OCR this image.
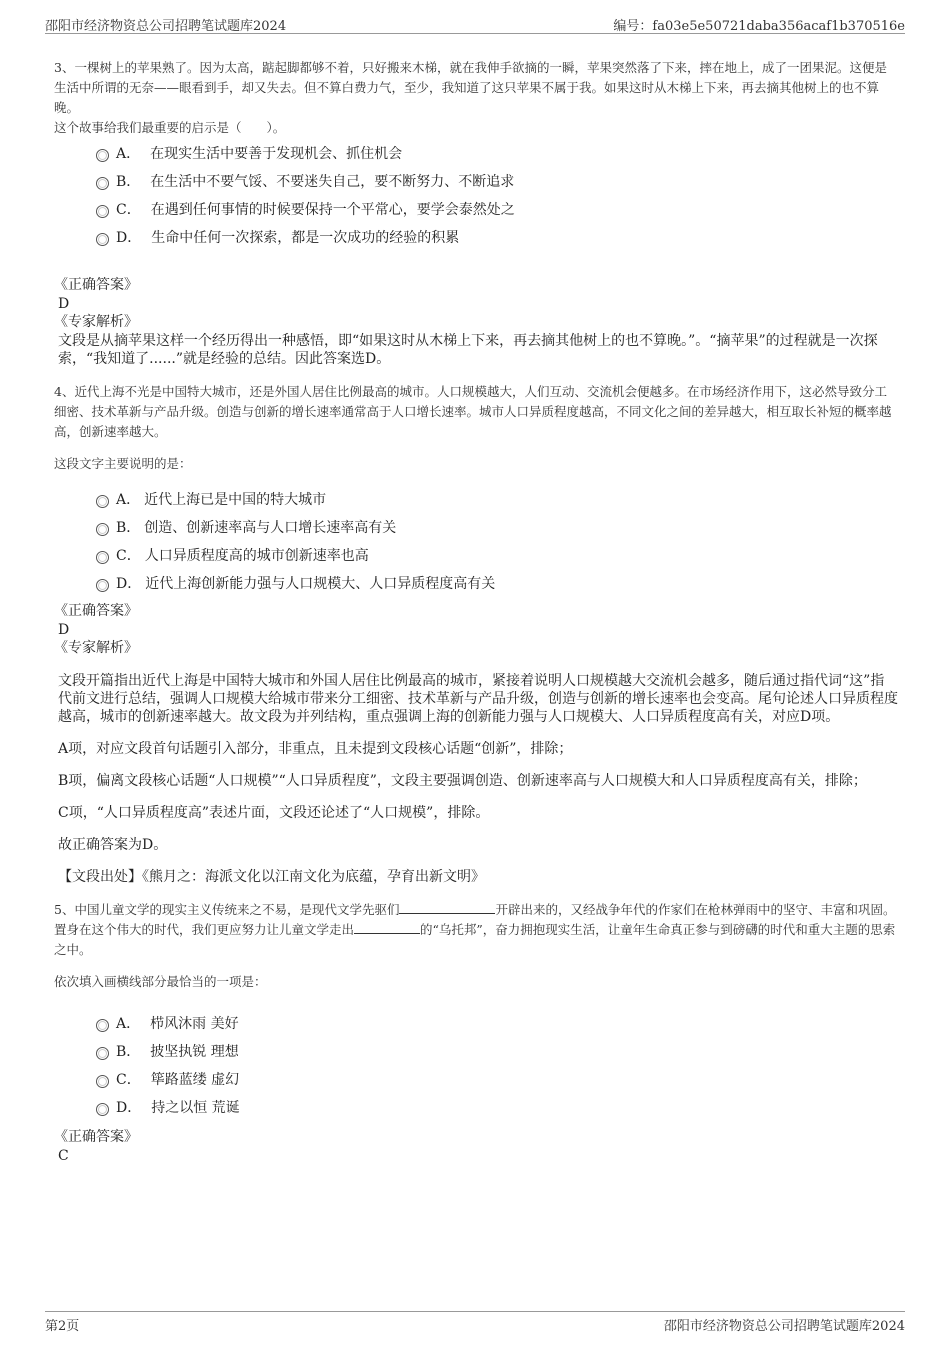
邵阳市经济物资总公司招聘笔试题库2024	编号：fa03e5e50721daba356acaf1b370516e

3、一棵树上的苹果熟了。因为太高，踮起脚都够不着，只好搬来木梯，就在我伸手欲摘的一瞬，苹果突然落了下来，摔在地上，成了一团果泥。这便是生活中所谓的无奈——眼看到手，却又失去。但不算白费力气，至少，我知道了这只苹果不属于我。如果这时从木梯上下来，再去摘其他树上的也不算晚。

这个故事给我们最重要的启示是（　　）。

A． 在现实生活中要善于发现机会、抓住机会
B． 在生活中不要气馁、不要迷失自己，要不断努力、不断追求
C． 在遇到任何事情的时候要保持一个平常心，要学会泰然处之
D． 生命中任何一次探索，都是一次成功的经验的积累

《正确答案》

D

《专家解析》

文段是从摘苹果这样一个经历得出一种感悟，即“如果这时从木梯上下来，再去摘其他树上的也不算晚。”。“摘苹果”的过程就是一次探索，“我知道了......”就是经验的总结。因此答案选D。

4、近代上海不光是中国特大城市，还是外国人居住比例最高的城市。人口规模越大，人们互动、交流机会便越多。在市场经济作用下，这必然导致分工细密、技术革新与产品升级。创造与创新的增长速率通常高于人口增长速率。城市人口异质程度越高，不同文化之间的差异越大，相互取长补短的概率越高，创新速率越大。

这段文字主要说明的是：

A． 近代上海已是中国的特大城市
B． 创造、创新速率高与人口增长速率高有关
C． 人口异质程度高的城市创新速率也高
D． 近代上海创新能力强与人口规模大、人口异质程度高有关

《正确答案》

D

《专家解析》

文段开篇指出近代上海是中国特大城市和外国人居住比例最高的城市，紧接着说明人口规模越大交流机会越多，随后通过指代词“这”指代前文进行总结，强调人口规模大给城市带来分工细密、技术革新与产品升级，创造与创新的增长速率也会变高。尾句论述人口异质程度越高，城市的创新速率越大。故文段为并列结构，重点强调上海的创新能力强与人口规模大、人口异质程度高有关，对应D项。

A项，对应文段首句话题引入部分，非重点，且未提到文段核心话题“创新”，排除；

B项，偏离文段核心话题“人口规模”“人口异质程度”，文段主要强调创造、创新速率高与人口规模大和人口异质程度高有关，排除；

C项，“人口异质程度高”表述片面，文段还论述了“人口规模”，排除。

故正确答案为D。

【文段出处】《熊月之：海派文化以江南文化为底蕴，孕育出新文明》

5、中国儿童文学的现实主义传统来之不易，是现代文学先驱们	开辟出来的，又经战争年代的作家们在枪林弹雨中的坚守、丰富和巩固。置身在这个伟大的时代，我们更应努力让儿童文学走出	的“乌托邦”，奋力拥抱现实生活，让童年生命真正参与到磅礴的时代和重大主题的思索之中。

依次填入画横线部分最恰当的一项是：

A． 栉风沐雨 美好
B． 披坚执锐 理想
C． 筚路蓝缕 虚幻
D． 持之以恒 荒诞

《正确答案》

C

第2页	邵阳市经济物资总公司招聘笔试题库2024
